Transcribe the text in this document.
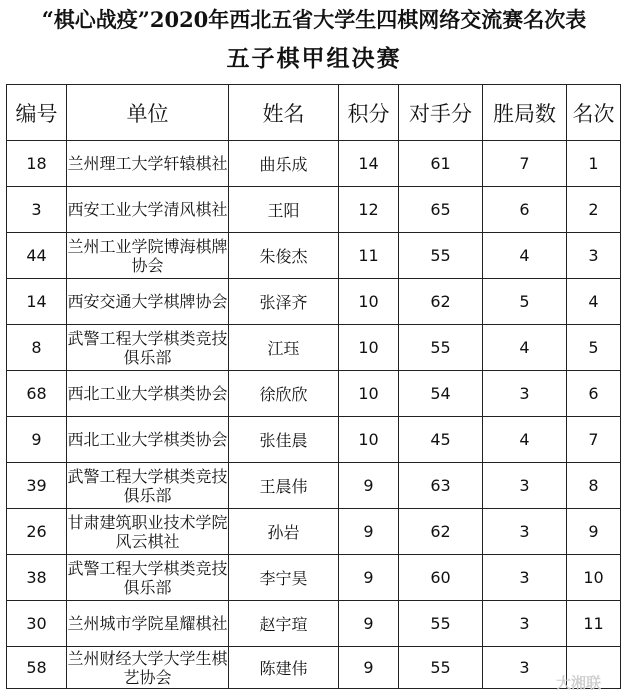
“棋心战疫”2020年西北五省大学生四棋网络交流赛名次表
五子棋甲组决赛
编号	单位	姓名	积分	对手分	胜局数	名次
18	兰州理工大学轩辕棋社	曲乐成	14	61	7	1
3	西安工业大学清风棋社	王阳	12	65	6	2
44	兰州工业学院博海棋牌协会	朱俊杰	11	55	4	3
14	西安交通大学棋牌协会	张泽齐	10	62	5	4
8	武警工程大学棋类竞技俱乐部	江珏	10	55	4	5
68	西北工业大学棋类协会	徐欣欣	10	54	3	6
9	西北工业大学棋类协会	张佳晨	10	45	4	7
39	武警工程大学棋类竞技俱乐部	王晨伟	9	63	3	8
26	甘肃建筑职业技术学院风云棋社	孙岩	9	62	3	9
38	武警工程大学棋类竞技俱乐部	李宁昊	9	60	3	10
30	兰州城市学院星耀棋社	赵宇瑄	9	55	3	11
58	兰州财经大学大学生棋艺协会	陈建伟	9	55	3	
大湘联
